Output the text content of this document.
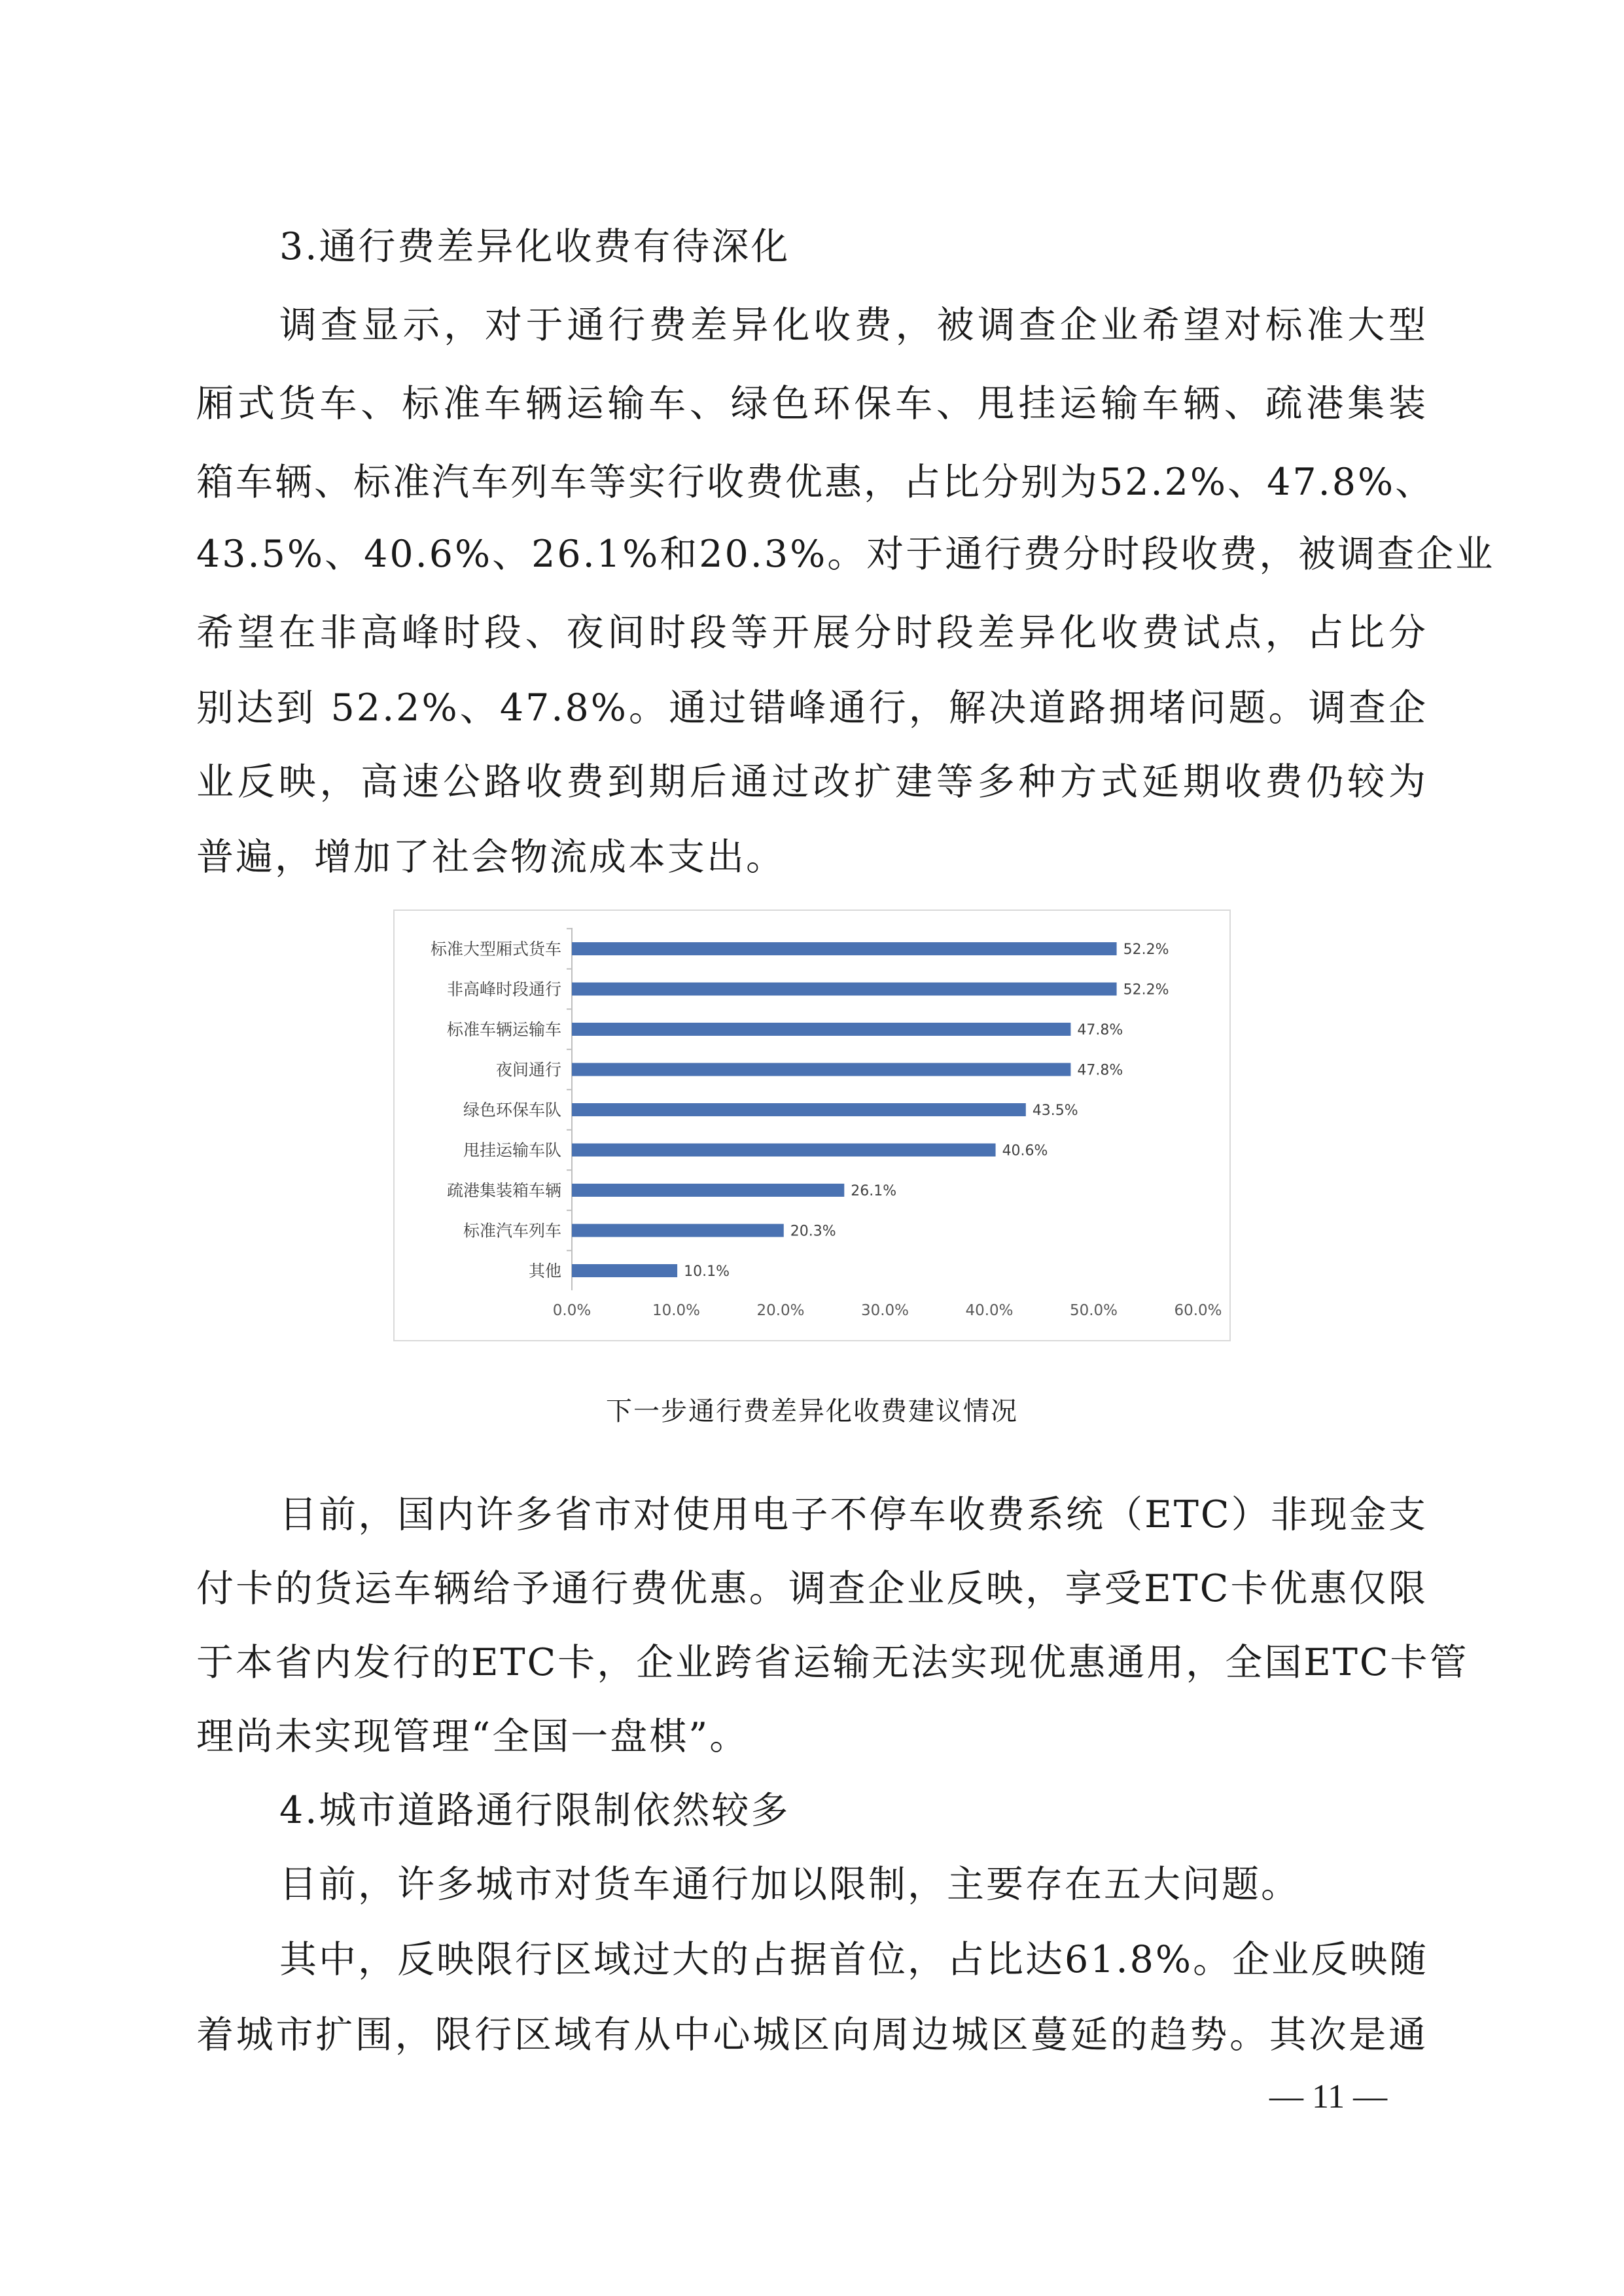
3.通行费差异化收费有待深化
调查显示，对于通行费差异化收费，被调查企业希望对标准大型
厢式货车、标准车辆运输车、绿色环保车、甩挂运输车辆、疏港集装
箱车辆、标准汽车列车等实行收费优惠，占比分别为52.2%、47.8%、
43.5%、40.6%、26.1%和20.3%。对于通行费分时段收费，被调查企业
希望在非高峰时段、夜间时段等开展分时段差异化收费试点，占比分
别达到 52.2%、47.8%。通过错峰通行，解决道路拥堵问题。调查企
业反映，高速公路收费到期后通过改扩建等多种方式延期收费仍较为
普遍，增加了社会物流成本支出。
标准大型厢式货车	52.2%
非高峰时段通行	52.2%
标准车辆运输车	47.8%
夜间通行	47.8%
绿色环保车队	43.5%
甩挂运输车队	40.6%
疏港集装箱车辆	26.1%
标准汽车列车	20.3%
其他	10.1%
0.0%	10.0%	20.0%	30.0%	40.0%	50.0%	60.0%
下一步通行费差异化收费建议情况
目前，国内许多省市对使用电子不停车收费系统（ETC）非现金支
付卡的货运车辆给予通行费优惠。调查企业反映，享受ETC卡优惠仅限
于本省内发行的ETC卡，企业跨省运输无法实现优惠通用，全国ETC卡管
理尚未实现管理“全国一盘棋”。
4.城市道路通行限制依然较多
目前，许多城市对货车通行加以限制，主要存在五大问题。
其中，反映限行区域过大的占据首位，占比达61.8%。企业反映随
着城市扩围，限行区域有从中心城区向周边城区蔓延的趋势。其次是通
— 11 —
